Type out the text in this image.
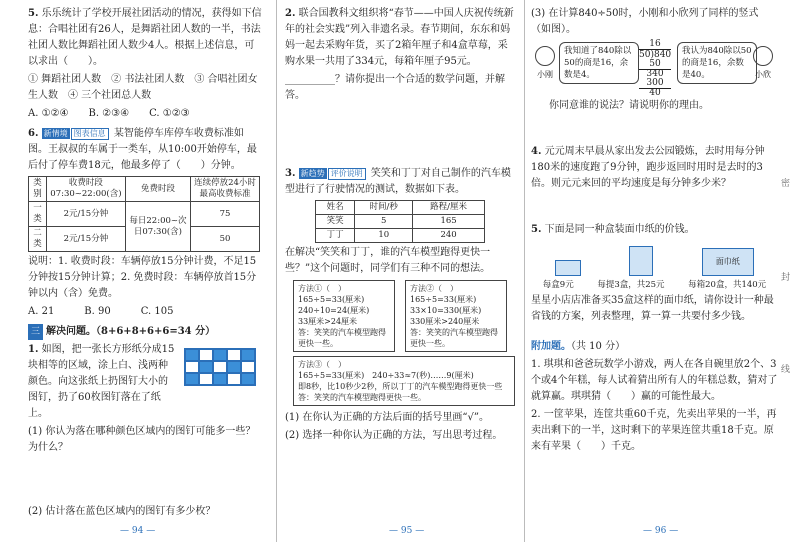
5. 乐乐统计了学校开展社团活动的情况，获得如下信息：合唱社团有26人，是舞蹈社团人数的一半，书法社团人数比舞蹈社团人数少4人。根据上述信息，可以求出（　　）。
① 舞蹈社团人数　② 书法社团人数　③ 合唱社团女生人数　④ 三个社团总人数
A. ①②④　　B. ②③④　　C. ①②③
6. 新情境 图表信息 某智能停车库停车收费标准如图。王叔叔的车属于一类车，从10:00开始停车，最后付了停车费18元，他最多停了（　　）分钟。
类别	收费时段 07:30~22:00(含)	免费时段	连续停放24小时最高收费标准
一类	2元/15分钟	每日22:00~次日07:30(含)	75
二类	2元/15分钟		50
说明：1. 收费时段：车辆停放15分钟计费，不足15分钟按15分钟计算；2. 免费时段：车辆停放首15分钟以内（含）免费。
A. 21　　　B. 90　　　C. 105
三 解决问题。（8+6+8+6+6=34 分）
1. 如图，把一张长方形纸分成15块相等的区域，涂上白、浅两种颜色。向这张纸上扔图钉大小的图钉，扔了60枚图钉落在了纸上。
(1) 你认为落在哪种颜色区域内的图钉可能多一些？为什么？
(2) 估计落在蓝色区域内的图钉有多少枚？
— 94 —
2. 联合国教科文组织将“春节——中国人庆祝传统新年的社会实践”列入非遗名录。春节期间，东东和妈妈一起去采购年货，买了2箱年厘子和4盒草莓，采购水果一共用了334元，每箱年厘子95元。
__________？请你提出一个合适的数学问题，并解答。
3. 新趋势 评价说明 笑笑和丁丁对自己制作的汽车模型进行了行驶情况的测试，数据如下表。
姓名	时间/秒	路程/厘米
笑笑	5	165
丁丁	10	240
在解决“笑笑和丁丁，谁的汽车模型跑得更快一些？”这个问题时，同学们有三种不同的想法。
方法①（　）
165÷5=33(厘米)
240÷10=24(厘米)
33厘米>24厘米
答：笑笑的汽车模型跑得更快一些。
方法②（　）
165÷5=33(厘米)
33×10=330(厘米)
330厘米>240厘米
答：笑笑的汽车模型跑得更快一些。
方法③（　）
165÷5=33(厘米)　240÷33≈7(秒)……9(厘米)
即8秒，比10秒少2秒，所以丁丁的汽车模型跑得更快一些
答：笑笑的汽车模型跑得更快一些。
(1) 在你认为正确的方法后面的括号里画“√”。
(2) 选择一种你认为正确的方法，写出思考过程。
— 95 —
(3) 在计算840÷50时，小刚和小欣列了同样的竖式（如图）。
小刚
我知道了840除以50的商是16，余数是4。
16
50)840
50
340
300
40
我认为840除以50的商是16，余数是40。	小欣
你同意谁的说法？请说明你的理由。
4. 元元周末早晨从家出发去公园锻炼，去时用每分钟180米的速度跑了9分钟，跑步返回时用时是去时的3倍。则元元来回的平均速度是每分钟多少米？
5. 下面是同一种盒装面巾纸的价钱。
面巾纸
每盒9元	每提3盒，共25元	每箱20盒，共140元
星星小店店准备买35盒这样的面巾纸，请你设计一种最省钱的方案，列表整理，算一算一共要付多少钱。
附加题。（共 10 分）
1. 琪琪和爸爸玩数学小游戏，两人在各自碗里放2个、3个或4个年糕，每人试着猜出所有人的年糕总数，猜对了就算赢。琪琪猜（　　）赢的可能性最大。
2. 一筐苹果，连筐共重60千克，先卖出苹果的一半，再卖出剩下的一半，这时剩下的苹果连筐共重18千克。原来有苹果（　　）千克。
— 96 —
密
封
线
